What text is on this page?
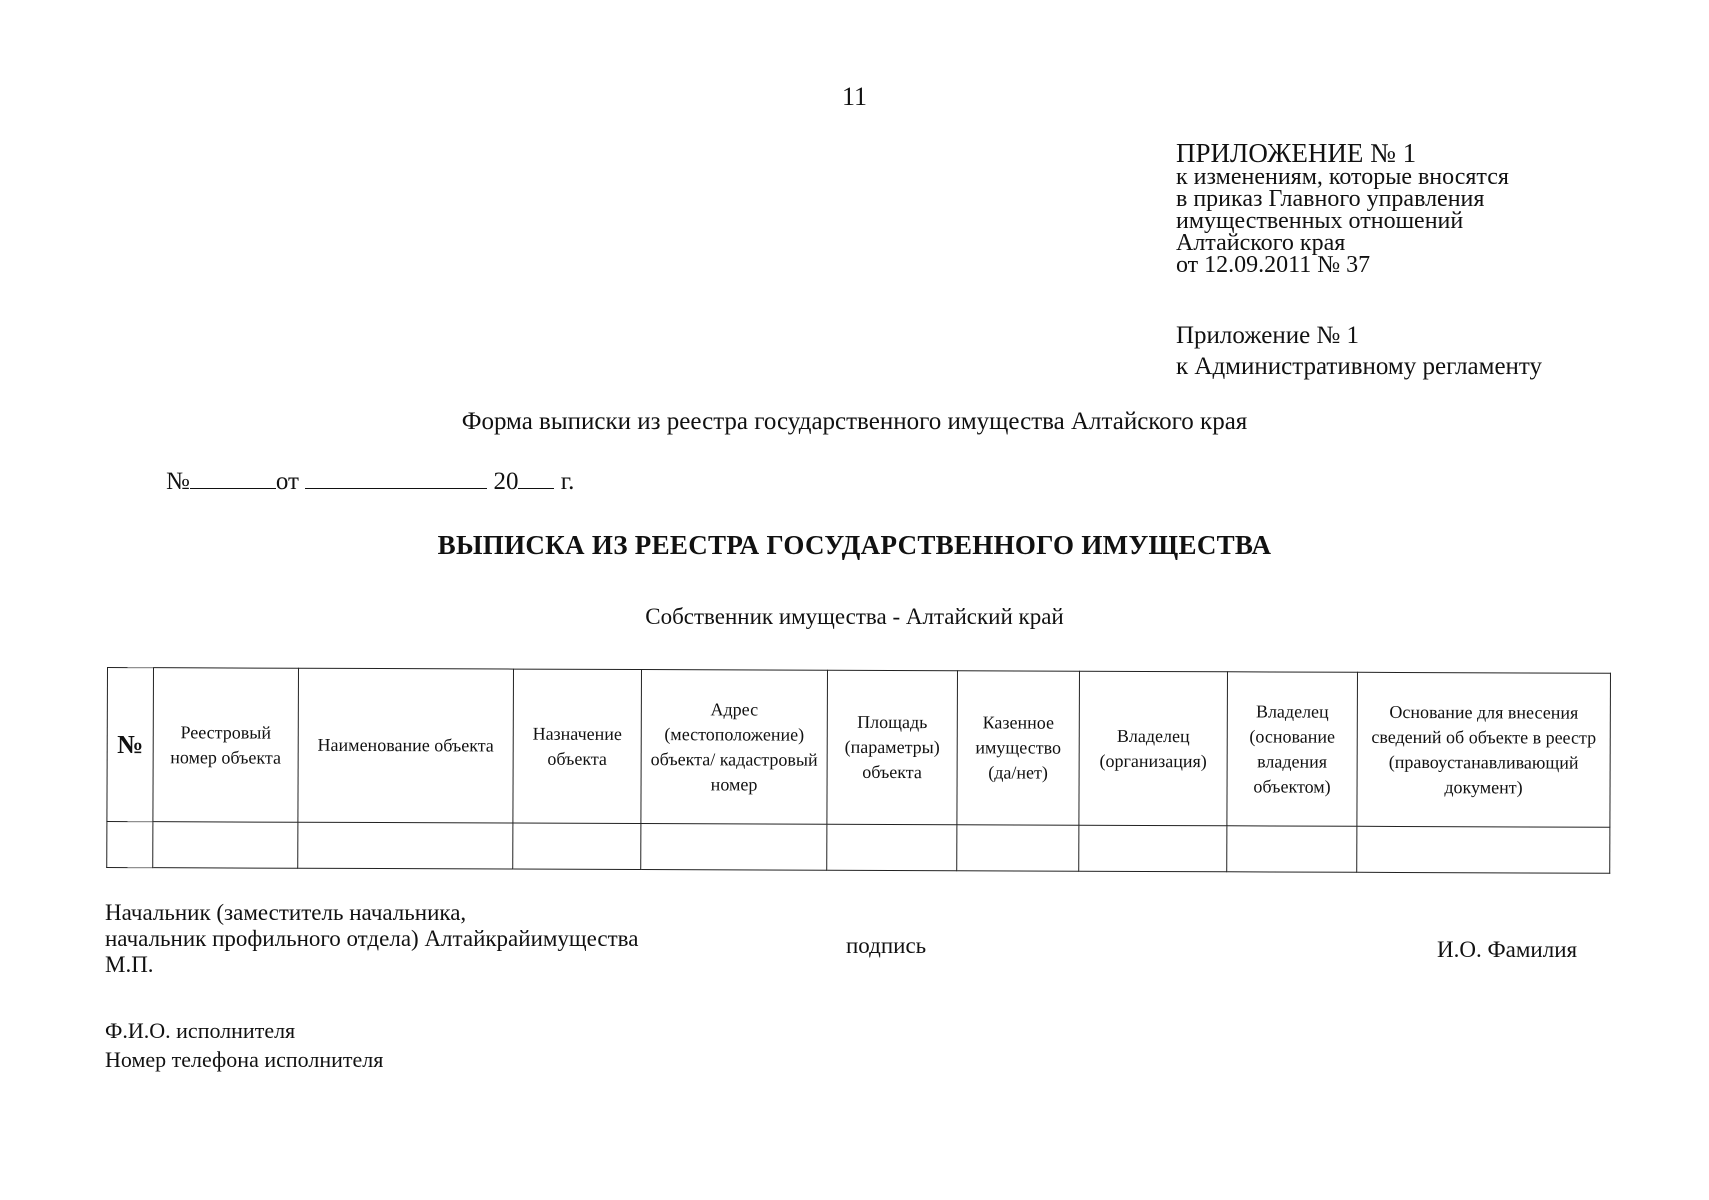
11
ПРИЛОЖЕНИЕ № 1
к изменениям, которые вносятся
в приказ Главного управления
имущественных отношений
Алтайского края
от 12.09.2011 № 37
Приложение № 1
к Административному регламенту
Форма выписки из реестра государственного имущества Алтайского края
№	от	20 г.
ВЫПИСКА ИЗ РЕЕСТРА ГОСУДАРСТВЕННОГО ИМУЩЕСТВА
Собственник имущества - Алтайский край
№	Реестровый номер объекта	Наименование объекта	Назначение объекта	Адрес (местоположение) объекта/ кадастровый номер	Площадь (параметры) объекта	Казенное имущество (да/нет)	Владелец (организация)	Владелец (основание владения объектом)	Основание для внесения сведений об объекте в реестр (правоустанавливающий документ)

Начальник (заместитель начальника,
начальник профильного отдела) Алтайкрайимущества
М.П.
подпись	И.О. Фамилия
Ф.И.О. исполнителя
Номер телефона исполнителя
